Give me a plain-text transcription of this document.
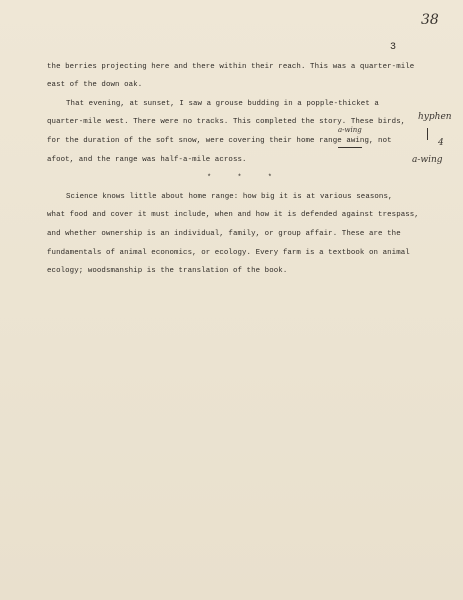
38
3
the berries projecting here and there within their reach. This was a quarter-mile
east of the down oak.
That evening, at sunset, I saw a grouse budding in a popple-thicket a
quarter-mile west. There were no tracks. This completed the story. These birds,
for the duration of the soft snow, were covering their home range awing, not
afoot, and the range was half-a-mile across.
a-wing
* * *
Science knows little about home range: how big it is at various seasons,
what food and cover it must include, when and how it is defended against trespass,
and whether ownership is an individual, family, or group affair. These are the
fundamentals of animal economics, or ecology. Every farm is a textbook on animal
ecology; woodsmanship is the translation of the book.
hyphen
4
a-wing
